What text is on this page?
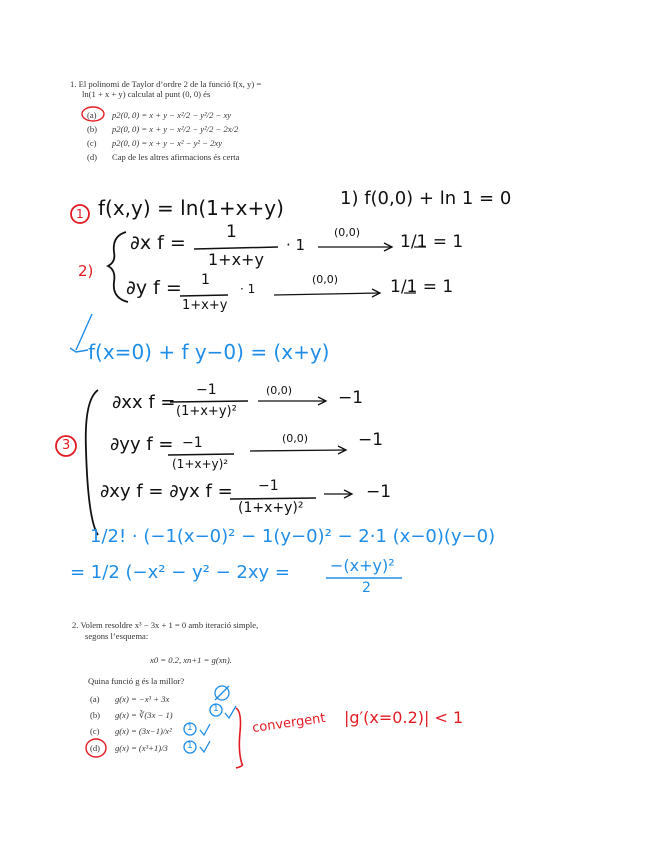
1. El polinomi de Taylor d’ordre 2 de la funció f(x, y) =
ln(1 + x + y) calculat al punt (0, 0) és
(a) p2(0, 0) = x + y − x²/2 − y²/2 − xy
(b) p2(0, 0) = x + y − x²/2 − y²/2 − 2x/2
(c) p2(0, 0) = x + y − x² − y² − 2xy
(d) Cap de les altres afirmacions és certa
1 f(x,y) = ln(1+x+y)	1) f(0,0) + ln 1 = 0
2)
∂x f = 1
1+x+y
· 1
(0,0) 1/1 = 1
∂y f = 1
1+x+y
· 1
(0,0)	1/1 = 1
f(x=0) + f y−0) = (x+y)
3
∂xx f =
−1
(1+x+y)²
(0,0)	−1
∂yy f = −1
(1+x+y)²
(0,0)	−1
∂xy f = ∂yx f = −1
(1+x+y)²
−1
1/2! · (−1(x−0)² − 1(y−0)² − 2·1 (x−0)(y−0)
= 1/2 (−x² − y² − 2xy =	−(x+y)²
2
2. Volem resoldre x³ − 3x + 1 = 0 amb iteració simple,
segons l’esquema:
x0 = 0.2, xn+1 = g(xn).
Quina funció g és la millor?
(a) g(x) = −x³ + 3x
(b) g(x) = ∛(3x − 1)
(c) g(x) = (3x−1)/x²
(d) g(x) = (x³+1)/3
1
1
1
convergent |g′(x=0.2)| < 1
